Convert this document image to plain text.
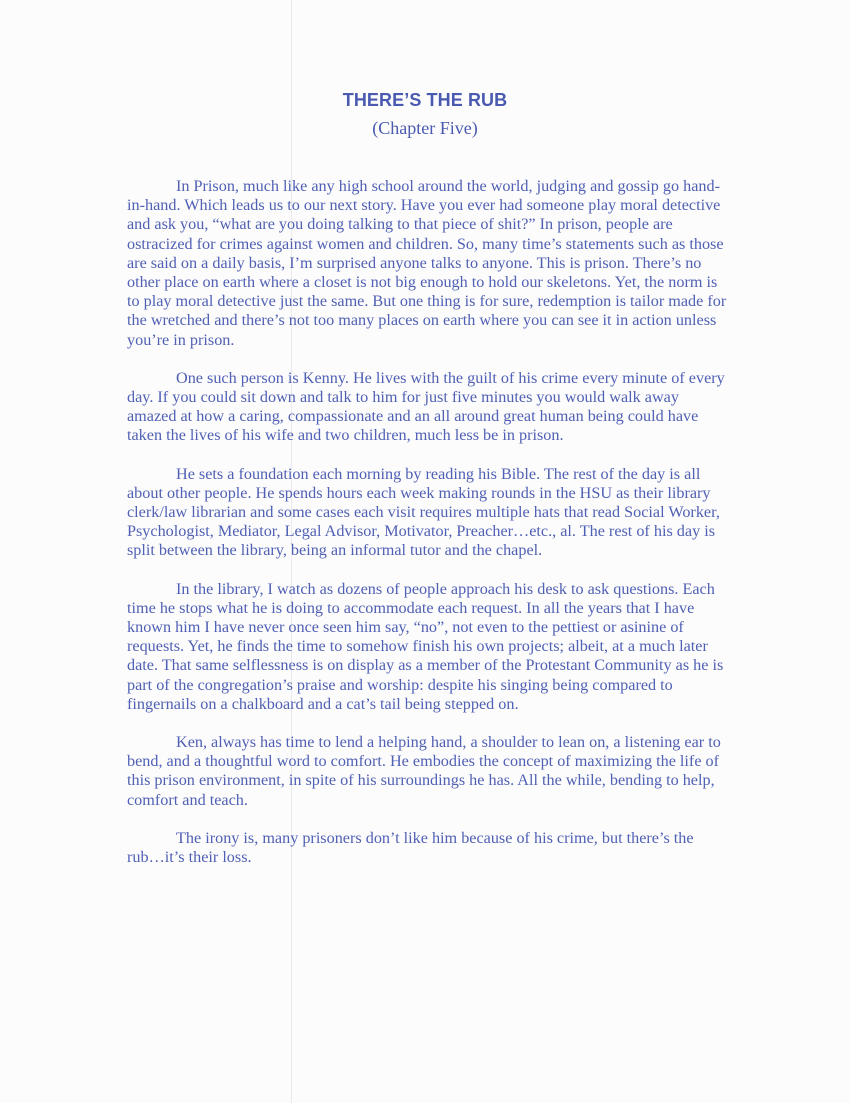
THERE’S THE RUB
(Chapter Five)

In Prison, much like any high school around the world, judging and gossip go hand-in-hand. Which leads us to our next story. Have you ever had someone play moral detective and ask you, “what are you doing talking to that piece of shit?” In prison, people are ostracized for crimes against women and children. So, many time’s statements such as those are said on a daily basis, I’m surprised anyone talks to anyone. This is prison. There’s no other place on earth where a closet is not big enough to hold our skeletons. Yet, the norm is to play moral detective just the same. But one thing is for sure, redemption is tailor made for the wretched and there’s not too many places on earth where you can see it in action unless you’re in prison.

One such person is Kenny. He lives with the guilt of his crime every minute of every day. If you could sit down and talk to him for just five minutes you would walk away amazed at how a caring, compassionate and an all around great human being could have taken the lives of his wife and two children, much less be in prison.

He sets a foundation each morning by reading his Bible. The rest of the day is all about other people. He spends hours each week making rounds in the HSU as their library clerk/law librarian and some cases each visit requires multiple hats that read Social Worker, Psychologist, Mediator, Legal Advisor, Motivator, Preacher…etc., al. The rest of his day is split between the library, being an informal tutor and the chapel.

In the library, I watch as dozens of people approach his desk to ask questions. Each time he stops what he is doing to accommodate each request. In all the years that I have known him I have never once seen him say, “no”, not even to the pettiest or asinine of requests. Yet, he finds the time to somehow finish his own projects; albeit, at a much later date. That same selflessness is on display as a member of the Protestant Community as he is part of the congregation’s praise and worship: despite his singing being compared to fingernails on a chalkboard and a cat’s tail being stepped on.

Ken, always has time to lend a helping hand, a shoulder to lean on, a listening ear to bend, and a thoughtful word to comfort. He embodies the concept of maximizing the life of this prison environment, in spite of his surroundings he has. All the while, bending to help, comfort and teach.

The irony is, many prisoners don’t like him because of his crime, but there’s the rub…it’s their loss.
